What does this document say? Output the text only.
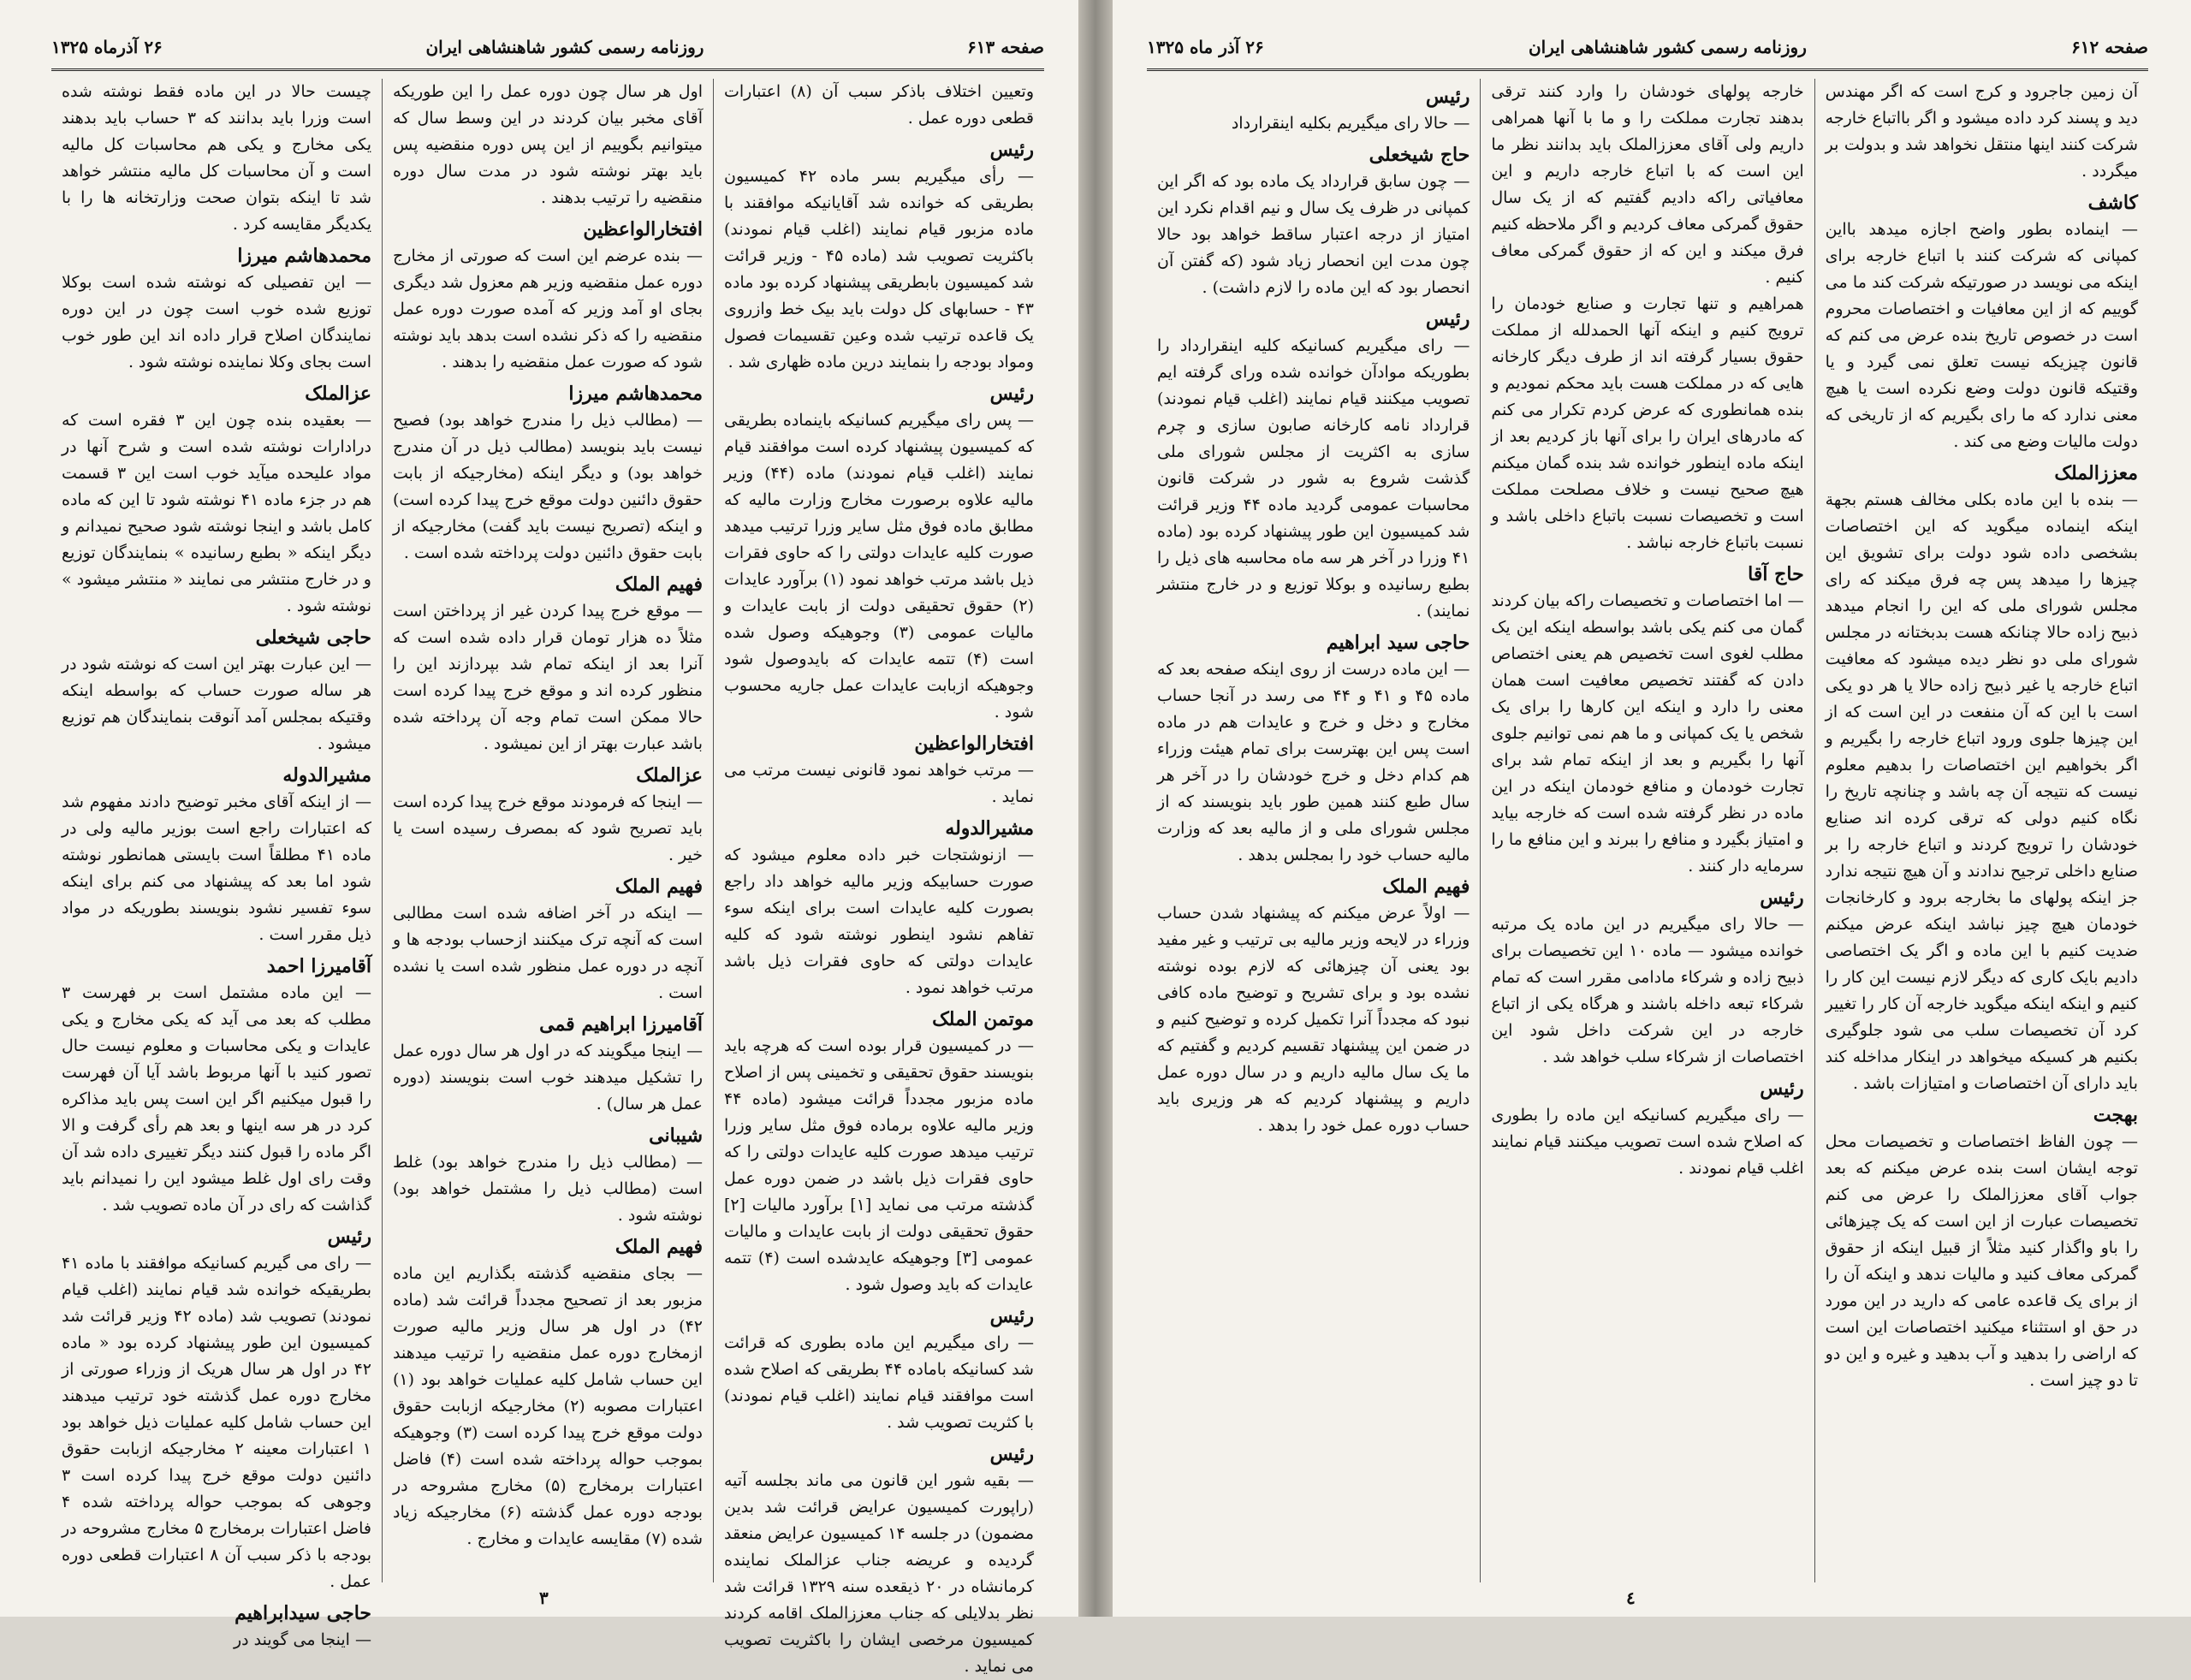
صفحه ۶۱۳
روزنامه رسمی کشور شاهنشاهی ایران
۲۶ آذرماه ۱۳۲۵
وتعیین اختلاف باذکر سبب آن (۸) اعتبارات قطعی دوره عمل .
رئیس
— رأی میگیریم بسر ماده ۴۲ کمیسیون بطریقی که خوانده شد آقایانیکه موافقند با ماده مزبور قیام نمایند (اغلب قیام نمودند) باکثریت تصویب شد (ماده ۴۵ - وزیر قرائت شد کمیسیون بابطریقی پیشنهاد کرده بود ماده ۴۳ - حسابهای کل دولت باید بیک خط وازروی یک قاعده ترتیب شده وعین تقسیمات فصول ومواد بودجه را بنمایند درین ماده ظهاری شد .
رئیس
— پس رای میگیریم کسانیکه باینماده بطریقی که کمیسیون پیشنهاد کرده است موافقند قیام نمایند (اغلب قیام نمودند) ماده (۴۴) وزیر مالیه علاوه برصورت مخارج وزارت مالیه که مطابق ماده فوق مثل سایر وزرا ترتیب میدهد صورت کلیه عایدات دولتی را که حاوی فقرات ذیل باشد مرتب خواهد نمود (۱) برآورد عایدات (۲) حقوق تحقیقی دولت از بابت عایدات و مالیات عمومی (۳) وجوهیکه وصول شده است (۴) تتمه عایدات که بایدوصول شود وجوهیکه ازبابت عایدات عمل جاریه محسوب شود .
افتخارالواعظین
— مرتب خواهد نمود قانونی نیست مرتب می نماید .
مشیرالدوله
— ازنوشتجات خبر داده معلوم میشود که صورت حسابیکه وزیر مالیه خواهد داد راجع بصورت کلیه عایدات است برای اینکه سوء تفاهم نشود اینطور نوشته شود که کلیه عایدات دولتی که حاوی فقرات ذیل باشد مرتب خواهد نمود .
موتمن الملک
— در کمیسیون قرار بوده است که هرچه باید بنویسند حقوق تحقیقی و تخمینی پس از اصلاح ماده مزبور مجدداً قرائت میشود (ماده ۴۴ وزیر مالیه علاوه برماده فوق مثل سایر وزرا ترتیب میدهد صورت کلیه عایدات دولتی را که حاوی فقرات ذیل باشد در ضمن دوره عمل گذشته مرتب می نماید [۱] برآورد مالیات [۲] حقوق تحقیقی دولت از بابت عایدات و مالیات عمومی [۳] وجوهیکه عایدشده است (۴) تتمه عایدات که باید وصول شود .
رئیس
— رای میگیریم این ماده بطوری که قرائت شد کسانیکه باماده ۴۴ بطریقی که اصلاح شده است موافقند قیام نمایند (اغلب قیام نمودند) با کثریت تصویب شد .
رئیس
— بقیه شور این قانون می ماند بجلسه آتیه (راپورت کمیسیون عرایض قرائت شد بدین مضمون) در جلسه ۱۴ کمیسیون عرایض منعقد گردیده و عریضه جناب عزالملک نماینده کرمانشاه در ۲۰ ذیقعده سنه ۱۳۲۹ قرائت شد نظر بدلایلی که جناب معززالملک اقامه کردند کمیسیون مرخصی ایشان را باکثریت تصویب می نماید .
اول هر سال چون دوره عمل را این طوریکه آقای مخبر بیان کردند در این وسط سال که میتوانیم بگوییم از این پس دوره منقضیه پس باید بهتر نوشته شود در مدت سال دوره منقضیه را ترتیب بدهند .
افتخارالواعظین
— بنده عرضم این است که صورتی از مخارج دوره عمل منقضیه وزیر هم معزول شد دیگری بجای او آمد وزیر که آمده صورت دوره عمل منقضیه را که ذکر نشده است بدهد باید نوشته شود که صورت عمل منقضیه را بدهند .
محمدهاشم میرزا
— (مطالب ذیل را مندرج خواهد بود) فصیح نیست باید بنویسد (مطالب ذیل در آن مندرج خواهد بود) و دیگر اینکه (مخارجیکه از بابت حقوق دائنین دولت موقع خرج پیدا کرده است) و اینکه (تصریح نیست باید گفت) مخارجیکه از بابت حقوق دائنین دولت پرداخته شده است .
فهیم الملک
— موقع خرج پیدا کردن غیر از پرداختن است مثلاً ده هزار تومان قرار داده شده است که آنرا بعد از اینکه تمام شد بپردازند این را منظور کرده اند و موقع خرج پیدا کرده است حالا ممکن است تمام وجه آن پرداخته شده باشد عبارت بهتر از این نمیشود .
عزالملک
— اینجا که فرمودند موقع خرج پیدا کرده است باید تصریح شود که بمصرف رسیده است یا خیر .
فهیم الملک
— اینکه در آخر اضافه شده است مطالبی است که آنچه ترک میکنند ازحساب بودجه ها و آنچه در دوره عمل منظور شده است یا نشده است .
آقامیرزا ابراهیم قمی
— اینجا میگویند که در اول هر سال دوره عمل را تشکیل میدهند خوب است بنویسند (دوره عمل هر سال) .
شیبانی
— (مطالب ذیل را مندرج خواهد بود) غلط است (مطالب ذیل را مشتمل خواهد بود) نوشته شود .
فهیم الملک
— بجای منقضیه گذشته بگذاریم این ماده مزبور بعد از تصحیح مجدداً قرائت شد (ماده ۴۲) در اول هر سال وزیر مالیه صورت ازمخارج دوره عمل منقضیه را ترتیب میدهند این حساب شامل کلیه عملیات خواهد بود (۱) اعتبارات مصوبه (۲) مخارجیکه ازبابت حقوق دولت موقع خرج پیدا کرده است (۳) وجوهیکه بموجب حواله پرداخته شده است (۴) فاضل اعتبارات برمخارج (۵) مخارج مشروحه در بودجه دوره عمل گذشته (۶) مخارجیکه زیاد شده (۷) مقایسه عایدات و مخارج .
چیست حالا در این ماده فقط نوشته شده است وزرا باید بدانند که ۳ حساب باید بدهند یکی مخارج و یکی هم محاسبات کل مالیه است و آن محاسبات کل مالیه منتشر خواهد شد تا اینکه بتوان صحت وزارتخانه ها را با یکدیگر مقایسه کرد .
محمدهاشم میرزا
— این تفصیلی که نوشته شده است بوکلا توزیع شده خوب است چون در این دوره نمایندگان اصلاح قرار داده اند این طور خوب است بجای وکلا نماینده نوشته شود .
عزالملک
— بعقیده بنده چون این ۳ فقره است که درادارات نوشته شده است و شرح آنها در مواد علیحده میآید خوب است این ۳ قسمت هم در جزء ماده ۴۱ نوشته شود تا این که ماده کامل باشد و اینجا نوشته شود صحیح نمیدانم و دیگر اینکه « بطبع رسانیده » بنمایندگان توزیع و در خارج منتشر می نمایند « منتشر میشود » نوشته شود .
حاجی شیخعلی
— این عبارت بهتر این است که نوشته شود در هر ساله صورت حساب که بواسطه اینکه وقتیکه بمجلس آمد آنوقت بنمایندگان هم توزیع میشود .
مشیرالدوله
— از اینکه آقای مخبر توضیح دادند مفهوم شد که اعتبارات راجع است بوزیر مالیه ولی در ماده ۴۱ مطلقاً است بایستی همانطور نوشته شود اما بعد که پیشنهاد می کنم برای اینکه سوء تفسیر نشود بنویسند بطوریکه در مواد ذیل مقرر است .
آقامیرزا احمد
— این ماده مشتمل است بر فهرست ۳ مطلب که بعد می آید که یکی مخارج و یکی عایدات و یکی محاسبات و معلوم نیست حال تصور کنید با آنها مربوط باشد آیا آن فهرست را قبول میکنیم اگر این است پس باید مذاکره کرد در هر سه اینها و بعد هم رأی گرفت و الا اگر ماده را قبول کنند دیگر تغییری داده شد آن وقت رای اول غلط میشود این را نمیدانم باید گذاشت که رای در آن ماده تصویب شد .
رئیس
— رای می گیریم کسانیکه موافقند با ماده ۴۱ بطریقیکه خوانده شد قیام نمایند (اغلب قیام نمودند) تصویب شد (ماده ۴۲ وزیر قرائت شد کمیسیون این طور پیشنهاد کرده بود « ماده ۴۲ در اول هر سال هریک از وزراء صورتی از مخارج دوره عمل گذشته خود ترتیب میدهند این حساب شامل کلیه عملیات ذیل خواهد بود ۱ اعتبارات معینه ۲ مخارجیکه ازبابت حقوق دائنین دولت موقع خرج پیدا کرده است ۳ وجوهی که بموجب حواله پرداخته شده ۴ فاضل اعتبارات برمخارج ۵ مخارج مشروحه در بودجه با ذکر سبب آن ۸ اعتبارات قطعی دوره عمل .
حاجی سیدابراهیم
— اینجا می گویند در
٣
صفحه ۶۱۲
روزنامه رسمی کشور شاهنشاهی ایران
۲۶ آذر ماه ۱۳۲۵
آن زمین جاجرود و کرج است که اگر مهندس دید و پسند کرد داده میشود و اگر بااتباع خارجه شرکت کنند اینها منتقل نخواهد شد و بدولت بر میگردد .
کاشف
— اینماده بطور واضح اجازه میدهد بااین کمپانی که شرکت کنند با اتباع خارجه برای اینکه می نویسد در صورتیکه شرکت کند ما می گوییم که از این معافیات و اختصاصات محروم است در خصوص تاریخ بنده عرض می کنم که قانون چیزیکه نیست تعلق نمی گیرد و یا وقتیکه قانون دولت وضع نکرده است یا هیچ معنی ندارد که ما رای بگیریم که از تاریخی که دولت مالیات وضع می کند .
معززالملک
— بنده با این ماده بکلی مخالف هستم بجهة اینکه اینماده میگوید که این اختصاصات بشخصی داده شود دولت برای تشویق این چیزها را میدهد پس چه فرق میکند که رای مجلس شورای ملی که این را انجام میدهد ذبیح زاده حالا چنانکه هست بدبختانه در مجلس شورای ملی دو نظر دیده میشود که معافیت اتباع خارجه یا غیر ذبیح زاده حالا یا هر دو یکی است با این که آن منفعت در این است که از این چیزها جلوی ورود اتباع خارجه را بگیریم و اگر بخواهیم این اختصاصات را بدهیم معلوم نیست که نتیجه آن چه باشد و چنانچه تاریخ را نگاه کنیم دولی که ترقی کرده اند صنایع خودشان را ترویج کردند و اتباع خارجه را بر صنایع داخلی ترجیح ندادند و آن هیچ نتیجه ندارد جز اینکه پولهای ما بخارجه برود و کارخانجات خودمان هیچ چیز نباشد اینکه عرض میکنم ضدیت کنیم با این ماده و اگر یک اختصاصی دادیم بایک کاری که دیگر لازم نیست این کار را کنیم و اینکه اینکه میگوید خارجه آن کار را تغییر کرد آن تخصیصات سلب می شود جلوگیری بکنیم هر کسیکه میخواهد در اینکار مداخله کند باید دارای آن اختصاصات و امتیازات باشد .
بهجت
— چون الفاظ اختصاصات و تخصیصات محل توجه ایشان است بنده عرض میکنم که بعد جواب آقای معززالملک را عرض می کنم تخصیصات عبارت از این است که یک چیزهائی را باو واگذار کنید مثلاً از قبیل اینکه از حقوق گمرکی معاف کنید و مالیات ندهد و اینکه آن را از برای یک قاعده عامی که دارید در این مورد در حق او استثناء میکنید اختصاصات این است که اراضی را بدهید و آب بدهید و غیره و این دو تا دو چیز است .
خارجه پولهای خودشان را وارد کنند ترقی بدهند تجارت مملکت را و ما با آنها همراهی داریم ولی آقای معززالملک باید بدانند نظر ما این است که با اتباع خارجه داریم و این معافیاتی راکه دادیم گفتیم که از یک سال حقوق گمرکی معاف کردیم و اگر ملاحظه کنیم فرق میکند و این که از حقوق گمرکی معاف کنیم .
همراهیم و تنها تجارت و صنایع خودمان را ترویج کنیم و اینکه آنها الحمدلله از مملکت حقوق بسیار گرفته اند از طرف دیگر کارخانه هایی که در مملکت هست باید محکم نمودیم و بنده همانطوری که عرض کردم تکرار می کنم که مادرهای ایران را برای آنها باز کردیم بعد از اینکه ماده اینطور خوانده شد بنده گمان میکنم هیچ صحیح نیست و خلاف مصلحت مملکت است و تخصیصات نسبت باتباع داخلی باشد و نسبت باتباع خارجه نباشد .
حاج آقا
— اما اختصاصات و تخصیصات راکه بیان کردند گمان می کنم یکی باشد بواسطه اینکه این یک مطلب لغوی است تخصیص هم یعنی اختصاص دادن که گفتند تخصیص معافیت است همان معنی را دارد و اینکه این کارها را برای یک شخص یا یک کمپانی و ما هم نمی توانیم جلوی آنها را بگیریم و بعد از اینکه تمام شد برای تجارت خودمان و منافع خودمان اینکه در این ماده در نظر گرفته شده است که خارجه بیاید و امتیاز بگیرد و منافع را ببرند و این منافع ما را سرمایه دار کنند .
رئیس
— حالا رای میگیریم در این ماده یک مرتبه خوانده میشود — ماده ۱۰ این تخصیصات برای ذبیح زاده و شرکاء مادامی مقرر است که تمام شرکاء تبعه داخله باشند و هرگاه یکی از اتباع خارجه در این شرکت داخل شود این اختصاصات از شرکاء سلب خواهد شد .
رئیس
— رای میگیریم کسانیکه این ماده را بطوری که اصلاح شده است تصویب میکنند قیام نمایند اغلب قیام نمودند .
رئیس
— حالا رای میگیریم بکلیه اینقرارداد
حاج شیخعلی
— چون سابق قرارداد یک ماده بود که اگر این کمپانی در ظرف یک سال و نیم اقدام نکرد این امتیاز از درجه اعتبار ساقط خواهد بود حالا چون مدت این انحصار زیاد شود (که گفتن آن انحصار بود که این ماده را لازم داشت) .
رئیس
— رای میگیریم کسانیکه کلیه اینقرارداد را بطوریکه موادآن خوانده شده ورای گرفته ایم تصویب میکنند قیام نمایند (اغلب قیام نمودند) قرارداد نامه کارخانه صابون سازی و چرم سازی به اکثریت از مجلس شورای ملی گذشت شروع به شور در شرکت قانون محاسبات عمومی گردید ماده ۴۴ وزیر قرائت شد کمیسیون این طور پیشنهاد کرده بود (ماده ۴۱ وزرا در آخر هر سه ماه محاسبه های ذیل را بطبع رسانیده و بوکلا توزیع و در خارج منتشر نمایند) .
حاجی سید ابراهیم
— این ماده درست از روی اینکه صفحه بعد که ماده ۴۵ و ۴۱ و ۴۴ می رسد در آنجا حساب مخارج و دخل و خرج و عایدات هم در ماده است پس این بهترست برای تمام هیئت وزراء هم کدام دخل و خرج خودشان را در آخر هر سال طبع کنند همین طور باید بنویسند که از مجلس شورای ملی و از مالیه بعد که وزارت مالیه حساب خود را بمجلس بدهد .
فهیم الملک
— اولاً عرض میکنم که پیشنهاد شدن حساب وزراء در لایحه وزیر مالیه بی ترتیب و غیر مفید بود یعنی آن چیزهائی که لازم بوده نوشته نشده بود و برای تشریح و توضیح ماده کافی نبود که مجدداً آنرا تکمیل کرده و توضیح کنیم و در ضمن این پیشنهاد تقسیم کردیم و گفتیم که ما یک سال مالیه داریم و در سال دوره عمل داریم و پیشنهاد کردیم که هر وزیری باید حساب دوره عمل خود را بدهد .
٤
